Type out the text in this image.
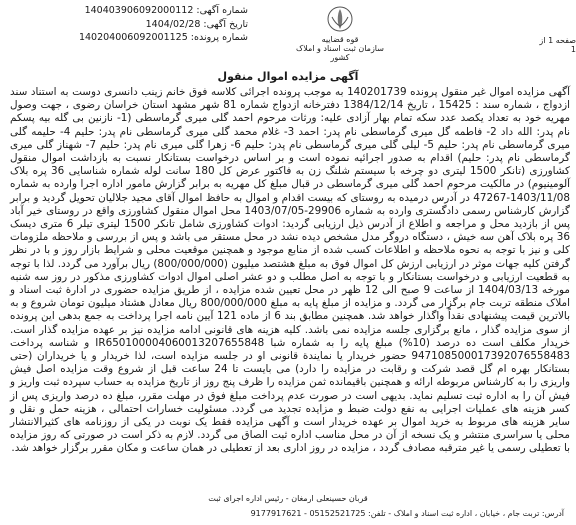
شماره آگهی: 140403906092000112
تاریخ آگهی: 1404/02/28
شماره پرونده: 140204006092001125	قوه قضاییه
سازمان ثبت اسناد و املاک کشور
صفحه 1 از 1
آگهی مزایده اموال منقول

آگهی مزایده اموال غیر منقول پرونده 140201739 به موجب پرونده اجرائی کلاسه فوق خانم زینب دانسری دوست به استناد سند ازدواج ، شماره سند : 15425 ، تاریخ 1384/12/14 دفترخانه ازدواج شماره 81 شهر مشهد استان خراسان رضوی ، جهت وصول مهریه خود به تعداد یکصد عدد سکه تمام بهار آزادی علیه: ورثات مرحوم احمد گلی میری گرماسطی (1- نازنین بی گله بیه پسکم نام پدر: الله داد 2- فاطمه گل میری گرماسطی نام پدر: احمد 3- غلام محمد گلی میری گرماسطی نام پدر: حلیم 4- حلیمه گلی میری گرماسطی نام پدر: حلیم 5- لیلی گلی میری گرماسطی نام پدر: حلیم 6- زهرا گلی میری نام پدر: حلیم 7- شهناز گلی میری گرماسطی نام پدر: حلیم) اقدام به صدور اجرائیه نموده است و بر اساس درخواست بستانکار نسبت به بازداشت اموال منقول کشاورزی (تانکر 1500 لیتری دو چرخه با سیستم شلنگ زن به فاکتور عرض کل 180 سانت لوله شماره شناسایی 36 پره بلاک آلومینیوم) در مالکیت مرحوم احمد گلی میری گرماسطی در قبال مبلغ کل مهریه به برابر گزارش مامور اداره اجرا وارده به شماره 1403/11/08-47267 در آدرس درمیده به روستای که بیست اقدام و اموال به حافظ اموال آقای مجید جلالیان تحویل گردید و برابر گزارش کارشناس رسمی دادگستری وارده به شماره 29906-1403/07/05 محل اموال منقول کشاورزی واقع در روستای خیر آباد پس از بازدید محل و مراجعه و اطلاع از آدرس ذیل ارزیابی گردید: ادوات کشاورزی شامل تانکر 1500 لیتری تیلر 6 متری دیسک 36 پره بلاک آهن سه خیش ، دستگاه دروگر مدل مشخص دیده نشد در محل مستقر می باشد و پس از بررسی و ملاحظه ملزومات کلی و نیز با توجه به نحوه ملاحظه و اطلاعات کسب شده از منابع موجود و همچنین موقعیت محلی و شرایط بازار روز و با در نظر گرفتن کلیه جهات موثر در ارزیابی ارزش کل اموال فوق به مبلغ هشتصد میلیون (800/000/000) ریال برآورد می گردد. لذا با توجه به قطعیت ارزیابی و درخواست بستانکار و با توجه به اصل مطلب و دو عشر اصلی اموال ادوات کشاورزی مذکور در روز سه شنبه مورخه 1404/03/13 از ساعت 9 صبح الی 12 ظهر در محل تعیین شده مزایده ، از طریق مزایده حضوری در ادارة ثبت اسناد و املاک منطقه تربت جام برگزار می گردد. و مزایده از مبلغ پایه به مبلغ 800/000/000 ریال معادل هشتاد میلیون تومان شروع و به بالاترین قیمت پیشنهادی نقداً واگذار خواهد شد. همچنین مطابق بند 6 از ماده 121 آیین نامه اجرا پرداخت به جمع بدهی این پرونده از سوی مزایده گذار ، مانع برگزاری جلسه مزایده نمی باشد. کلیه هزینه های قانونی ادامه مزایده نیز بر عهده مزایده گذار است. خریدار مکلف است ده درصد (10%) مبلغ پایه را به شماره شبا IR650100004060013207655848 و شناسه پرداخت 947108500017392076558483 حضور خریدار یا نمایندة قانونی او در جلسه مزایده است، لذا خریدار و یا خریداران (حتی بستانکار بهره ام گل قصد شرکت و رقابت در مزایده را دارد) می بایست تا 24 ساعت قبل از شروع وقت مزایده اصل فیش واریزی را به کارشناس مربوطه ارائه و همچنین باقیمانده ثمن مزایده را ظرف پنج روز از تاریخ مزایده به حساب سپرده ثبت واریز و فیش آن را به اداره ثبت تسلیم نماید. بدیهی است در صورت عدم پرداخت مبلغ فوق در مهلت مقرر، مبلغ ده درصد واریزی پس از کسر هزینه های عملیات اجرایی به نفع دولت ضبط و مزایده تجدید می گردد. مسئولیت خسارات احتمالی ، هزینه حمل و نقل و سایر هزینه های مربوط به خرید اموال بر عهده خریدار است و آگهی مزایده فقط یک نوبت در یکی از روزنامه های کثیرالانتشار محلی یا سراسری منتشر و یک نسخه از آن در محل مناسب اداره ثبت الصاق می گردد. لازم به ذکر است در صورتی که روز مزایده با تعطیلی رسمی یا غیر مترقبه مصادف گردد ، مزایده در روز اداری بعد از تعطیلی در همان ساعت و مکان مقرر برگزار خواهد شد.

قربان حسینعلی ارمغان - رئیس اداره اجرای ثبت
آدرس: تربت جام ، خیابان ، اداره ثبت اسناد و املاک - تلفن: 05152521725 - 9177917621
